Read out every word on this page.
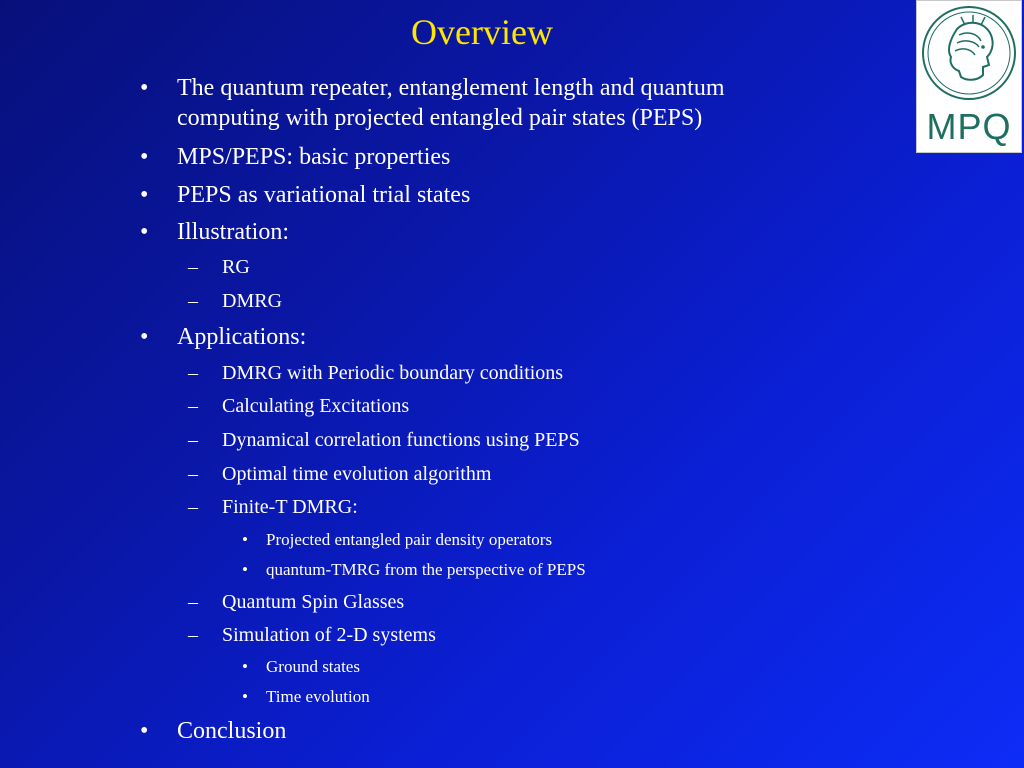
Overview
MPQ
• The quantum repeater, entanglement length and quantum
computing with projected entangled pair states (PEPS)
• MPS/PEPS: basic properties
• PEPS as variational trial states
• Illustration:
– RG
– DMRG
• Applications:
– DMRG with Periodic boundary conditions
– Calculating Excitations
– Dynamical correlation functions using PEPS
– Optimal time evolution algorithm
– Finite-T DMRG:
• Projected entangled pair density operators
• quantum-TMRG from the perspective of PEPS
– Quantum Spin Glasses
– Simulation of 2-D systems
• Ground states
• Time evolution
• Conclusion
